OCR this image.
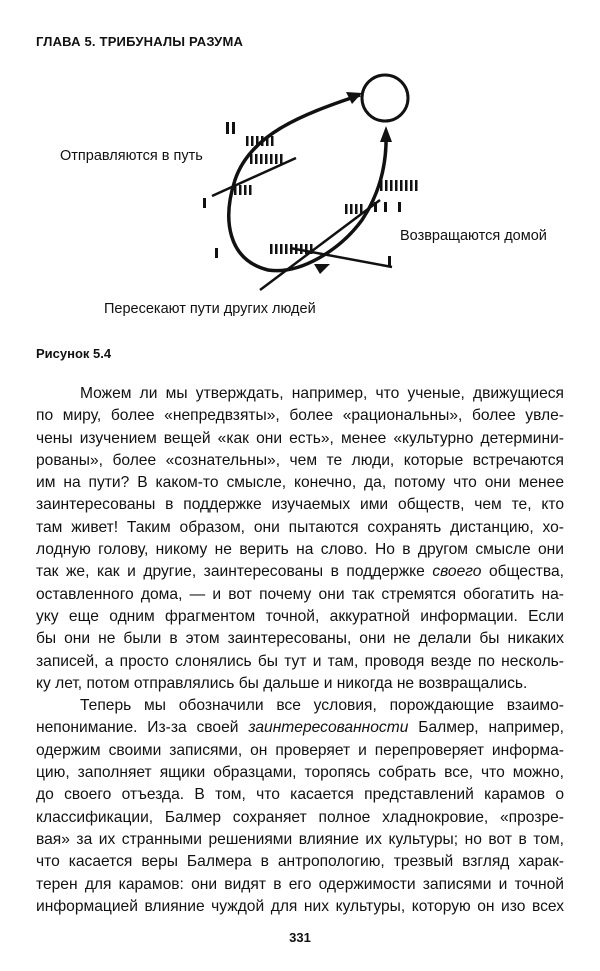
ГЛАВА 5. ТРИБУНАЛЫ РАЗУМА
Отправляются в путь
Возвращаются домой
Пересекают пути других людей
Рисунок 5.4
Можем ли мы утверждать, например, что ученые, движущиеся
по миру, более «непредвзяты», более «рациональны», более увле-
чены изучением вещей «как они есть», менее «культурно детермини-
рованы», более «сознательны», чем те люди, которые встречаются
им на пути? В каком-то смысле, конечно, да, потому что они менее
заинтересованы в поддержке изучаемых ими обществ, чем те, кто
там живет! Таким образом, они пытаются сохранять дистанцию, хо-
лодную голову, никому не верить на слово. Но в другом смысле они
так же, как и другие, заинтересованы в поддержке своего общества,
оставленного дома, — и вот почему они так стремятся обогатить на-
уку еще одним фрагментом точной, аккуратной информации. Если
бы они не были в этом заинтересованы, они не делали бы никаких
записей, а просто слонялись бы тут и там, проводя везде по несколь-
ку лет, потом отправлялись бы дальше и никогда не возвращались.
Теперь мы обозначили все условия, порождающие взаимо-
непонимание. Из-за своей заинтересованности Балмер, например,
одержим своими записями, он проверяет и перепроверяет информа-
цию, заполняет ящики образцами, торопясь собрать все, что можно,
до своего отъезда. В том, что касается представлений карамов о
классификации, Балмер сохраняет полное хладнокровие, «прозре-
вая» за их странными решениями влияние их культуры; но вот в том,
что касается веры Балмера в антропологию, трезвый взгляд харак-
терен для карамов: они видят в его одержимости записями и точной
информацией влияние чуждой для них культуры, которую он изо всех
331
